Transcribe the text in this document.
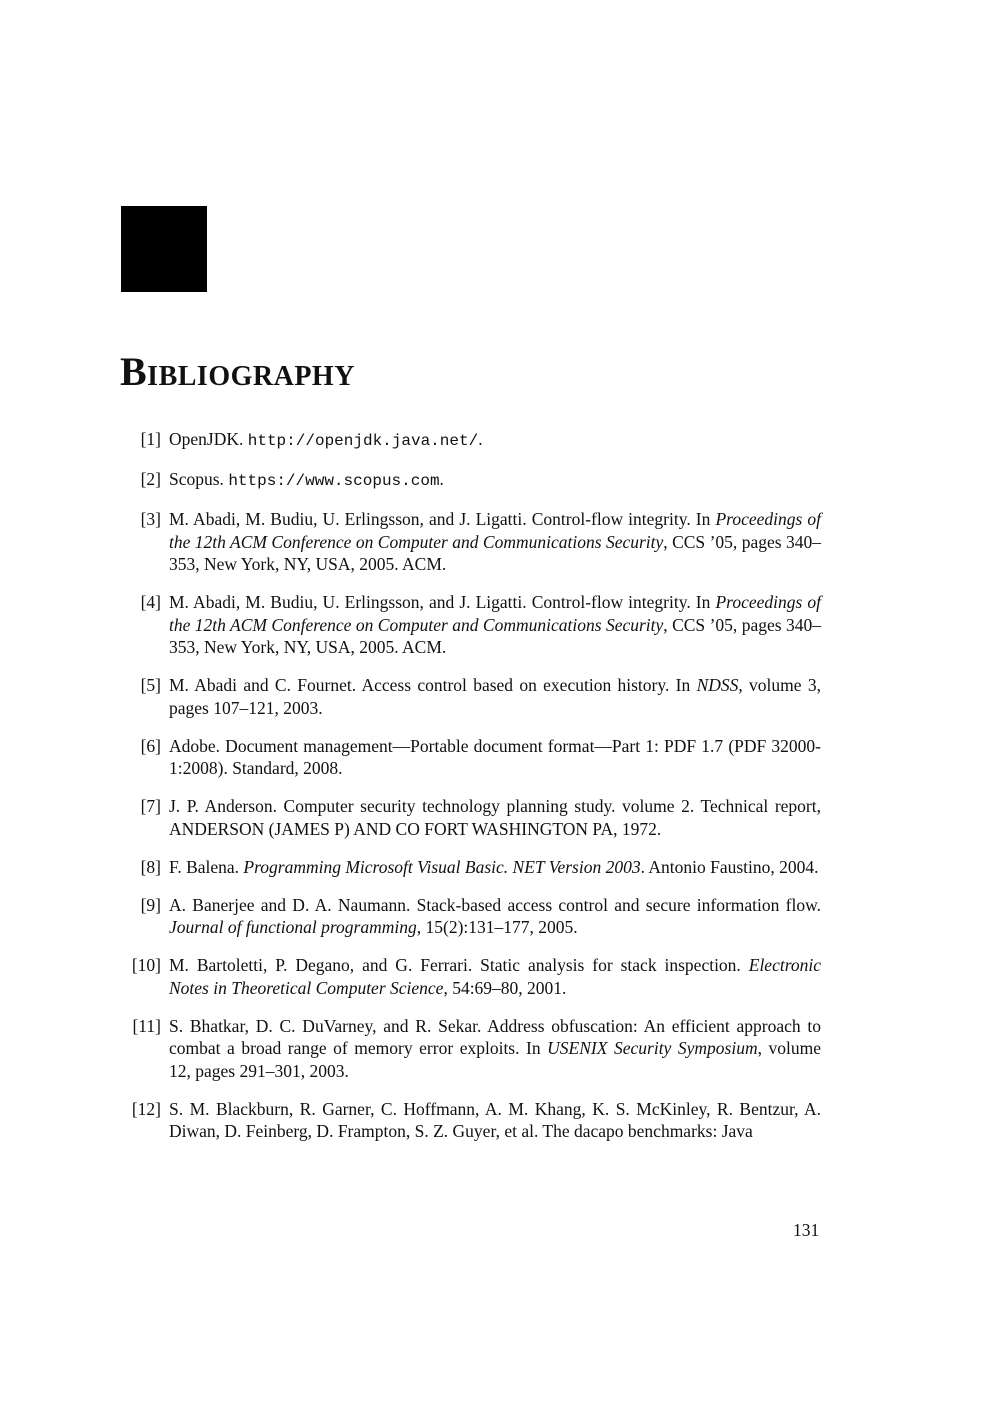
Bibliography
[1] OpenJDK. http://openjdk.java.net/.
[2] Scopus. https://www.scopus.com.
[3] M. Abadi, M. Budiu, U. Erlingsson, and J. Ligatti. Control-flow integrity. In Proceedings of the 12th ACM Conference on Computer and Communications Security, CCS ’05, pages 340–353, New York, NY, USA, 2005. ACM.
[4] M. Abadi, M. Budiu, U. Erlingsson, and J. Ligatti. Control-flow integrity. In Proceedings of the 12th ACM Conference on Computer and Communications Security, CCS ’05, pages 340–353, New York, NY, USA, 2005. ACM.
[5] M. Abadi and C. Fournet. Access control based on execution history. In NDSS, volume 3, pages 107–121, 2003.
[6] Adobe. Document management—Portable document format—Part 1: PDF 1.7 (PDF 32000-1:2008). Standard, 2008.
[7] J. P. Anderson. Computer security technology planning study. volume 2. Technical report, ANDERSON (JAMES P) AND CO FORT WASHINGTON PA, 1972.
[8] F. Balena. Programming Microsoft Visual Basic. NET Version 2003. Antonio Faustino, 2004.
[9] A. Banerjee and D. A. Naumann. Stack-based access control and secure information flow. Journal of functional programming, 15(2):131–177, 2005.
[10] M. Bartoletti, P. Degano, and G. Ferrari. Static analysis for stack inspection. Electronic Notes in Theoretical Computer Science, 54:69–80, 2001.
[11] S. Bhatkar, D. C. DuVarney, and R. Sekar. Address obfuscation: An efficient approach to combat a broad range of memory error exploits. In USENIX Security Symposium, volume 12, pages 291–301, 2003.
[12] S. M. Blackburn, R. Garner, C. Hoffmann, A. M. Khang, K. S. McKinley, R. Bentzur, A. Diwan, D. Feinberg, D. Frampton, S. Z. Guyer, et al. The dacapo benchmarks: Java
131
